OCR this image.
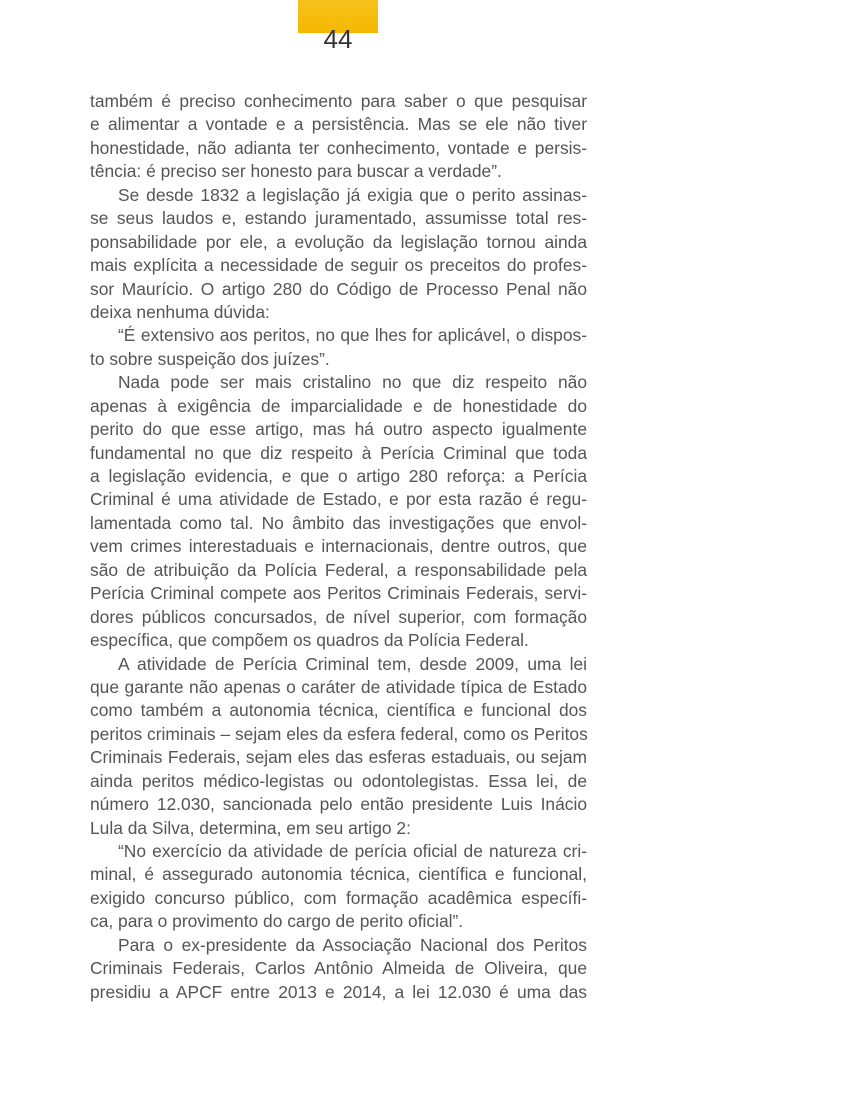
44
também é preciso conhecimento para saber o que pesquisar
e alimentar a vontade e a persistência. Mas se ele não tiver
honestidade, não adianta ter conhecimento, vontade e persis-
tência: é preciso ser honesto para buscar a verdade”.
Se desde 1832 a legislação já exigia que o perito assinas-
se seus laudos e, estando juramentado, assumisse total res-
ponsabilidade por ele, a evolução da legislação tornou ainda
mais explícita a necessidade de seguir os preceitos do profes-
sor Maurício. O artigo 280 do Código de Processo Penal não
deixa nenhuma dúvida:
“É extensivo aos peritos, no que lhes for aplicável, o dispos-
to sobre suspeição dos juízes”.
Nada pode ser mais cristalino no que diz respeito não
apenas à exigência de imparcialidade e de honestidade do
perito do que esse artigo, mas há outro aspecto igualmente
fundamental no que diz respeito à Perícia Criminal que toda
a legislação evidencia, e que o artigo 280 reforça: a Perícia
Criminal é uma atividade de Estado, e por esta razão é regu-
lamentada como tal. No âmbito das investigações que envol-
vem crimes interestaduais e internacionais, dentre outros, que
são de atribuição da Polícia Federal, a responsabilidade pela
Perícia Criminal compete aos Peritos Criminais Federais, servi-
dores públicos concursados, de nível superior, com formação
específica, que compõem os quadros da Polícia Federal.
A atividade de Perícia Criminal tem, desde 2009, uma lei
que garante não apenas o caráter de atividade típica de Estado
como também a autonomia técnica, científica e funcional dos
peritos criminais – sejam eles da esfera federal, como os Peritos
Criminais Federais, sejam eles das esferas estaduais, ou sejam
ainda peritos médico-legistas ou odontolegistas. Essa lei, de
número 12.030, sancionada pelo então presidente Luis Inácio
Lula da Silva, determina, em seu artigo 2:
“No exercício da atividade de perícia oficial de natureza cri-
minal, é assegurado autonomia técnica, científica e funcional,
exigido concurso público, com formação acadêmica específi-
ca, para o provimento do cargo de perito oficial”.
Para o ex-presidente da Associação Nacional dos Peritos
Criminais Federais, Carlos Antônio Almeida de Oliveira, que
presidiu a APCF entre 2013 e 2014, a lei 12.030 é uma das
